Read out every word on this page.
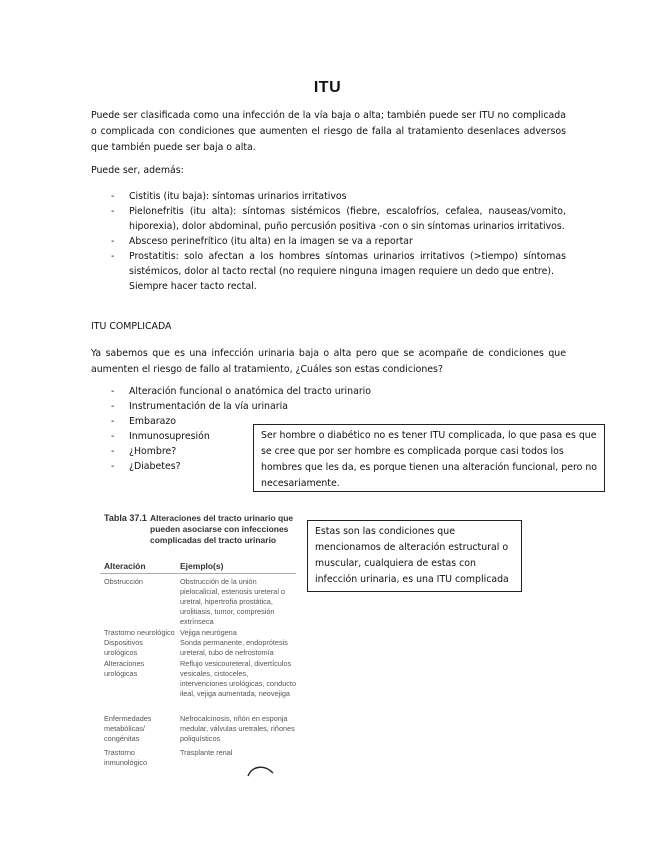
ITU

Puede ser clasificada como una infección de la vía baja o alta; también puede ser ITU no complicada o complicada con condiciones que aumenten el riesgo de falla al tratamiento desenlaces adversos que también puede ser baja o alta.

Puede ser, además:

- Cistitis (itu baja): síntomas urinarios irritativos
- Pielonefritis (itu alta): síntomas sistémicos (fiebre, escalofríos, cefalea, nauseas/vomito, hiporexia), dolor abdominal, puño percusión positiva -con o sin síntomas urinarios irritativos.
- Absceso perinefrítico (itu alta) en la imagen se va a reportar
- Prostatitis: solo afectan a los hombres síntomas urinarios irritativos (>tiempo) síntomas sistémicos, dolor al tacto rectal (no requiere ninguna imagen requiere un dedo que entre).
Siempre hacer tacto rectal.

ITU COMPLICADA

Ya sabemos que es una infección urinaria baja o alta pero que se acompañe de condiciones que aumenten el riesgo de fallo al tratamiento, ¿Cuáles son estas condiciones?

- Alteración funcional o anatómica del tracto urinario
- Instrumentación de la vía urinaria
- Embarazo
- Inmunosupresión
- ¿Hombre?
- ¿Diabetes?
Ser hombre o diabético no es tener ITU complicada, lo que pasa es que se cree que por ser hombre es complicada porque casi todos los hombres que les da, es porque tienen una alteración funcional, pero no necesariamente.
Estas son las condiciones que mencionamos de alteración estructural o muscular, cualquiera de estas con infección urinaria, es una ITU complicada
Tabla 37.1 Alteraciones del tracto urinario que pueden asociarse con infecciones complicadas del tracto urinario
Alteración	Ejemplo(s)
Obstrucción	Obstrucción de la unión pielocalicial, estenosis ureteral o uretral, hipertrofia prostática, urolitiasis, tumor, compresión extrínseca
Trastorno neurológico Vejiga neurógena
Dispositivos urológicos
Sonda permanente, endoprótesis ureteral, tubo de nefrostomía
Alteraciones urológicas
Reflujo vesicoureteral, divertículos vesicales, cistoceles, intervenciones urológicas, conducto ileal, vejiga aumentada, neovejiga
Enfermedades metabólicas/ congénitas
Nefrocalcinosis, riñón en esponja medular, válvulas uretrales, riñones poliquísticos
Trastorno inmunológico
Trasplante renal
